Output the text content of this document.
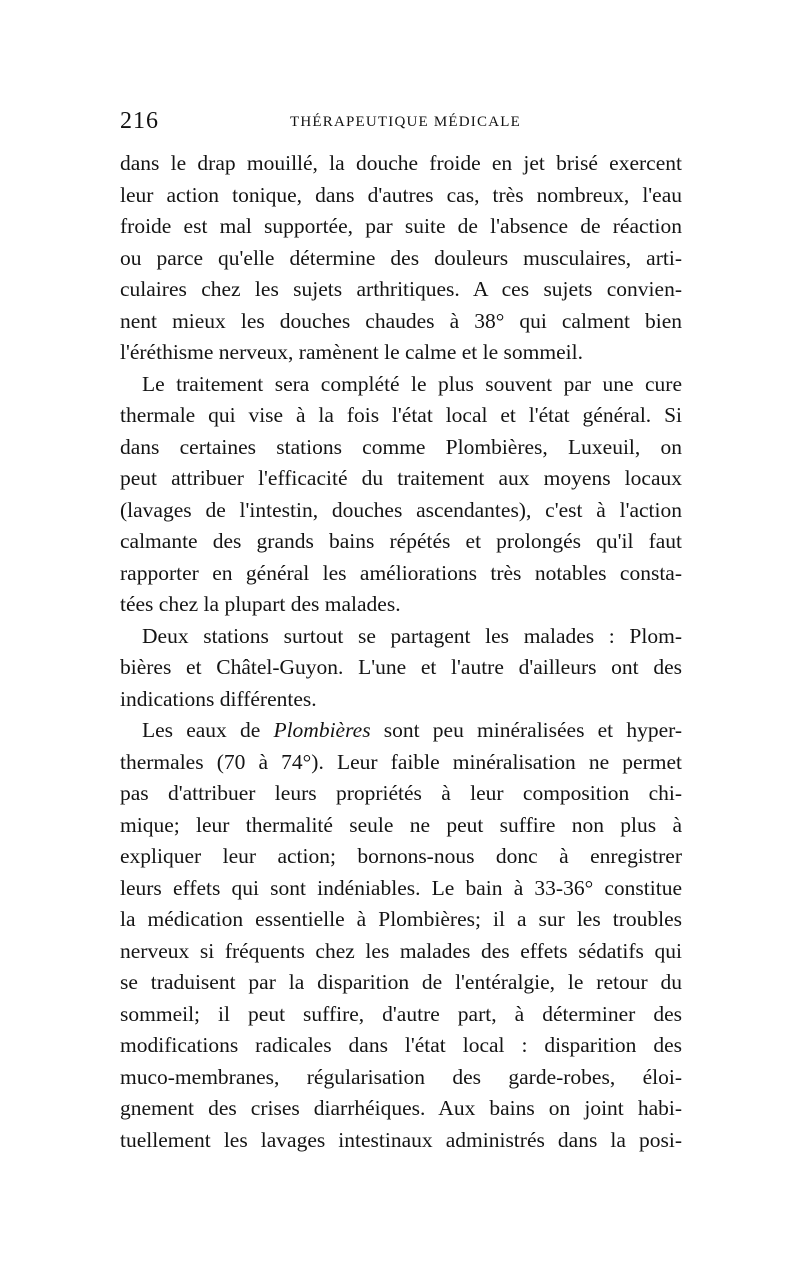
216	THÉRAPEUTIQUE MÉDICALE
dans le drap mouillé, la douche froide en jet brisé exercent
leur action tonique, dans d'autres cas, très nombreux, l'eau
froide est mal supportée, par suite de l'absence de réaction
ou parce qu'elle détermine des douleurs musculaires, arti-
culaires chez les sujets arthritiques. A ces sujets convien-
nent mieux les douches chaudes à 38° qui calment bien
l'éréthisme nerveux, ramènent le calme et le sommeil.
Le traitement sera complété le plus souvent par une cure
thermale qui vise à la fois l'état local et l'état général. Si
dans certaines stations comme Plombières, Luxeuil, on
peut attribuer l'efficacité du traitement aux moyens locaux
(lavages de l'intestin, douches ascendantes), c'est à l'action
calmante des grands bains répétés et prolongés qu'il faut
rapporter en général les améliorations très notables consta-
tées chez la plupart des malades.
Deux stations surtout se partagent les malades : Plom-
bières et Châtel-Guyon. L'une et l'autre d'ailleurs ont des
indications différentes.
Les eaux de Plombières sont peu minéralisées et hyper-
thermales (70 à 74°). Leur faible minéralisation ne permet
pas d'attribuer leurs propriétés à leur composition chi-
mique; leur thermalité seule ne peut suffire non plus à
expliquer leur action; bornons-nous donc à enregistrer
leurs effets qui sont indéniables. Le bain à 33-36° constitue
la médication essentielle à Plombières; il a sur les troubles
nerveux si fréquents chez les malades des effets sédatifs qui
se traduisent par la disparition de l'entéralgie, le retour du
sommeil; il peut suffire, d'autre part, à déterminer des
modifications radicales dans l'état local : disparition des
muco-membranes, régularisation des garde-robes, éloi-
gnement des crises diarrhéiques. Aux bains on joint habi-
tuellement les lavages intestinaux administrés dans la posi-
